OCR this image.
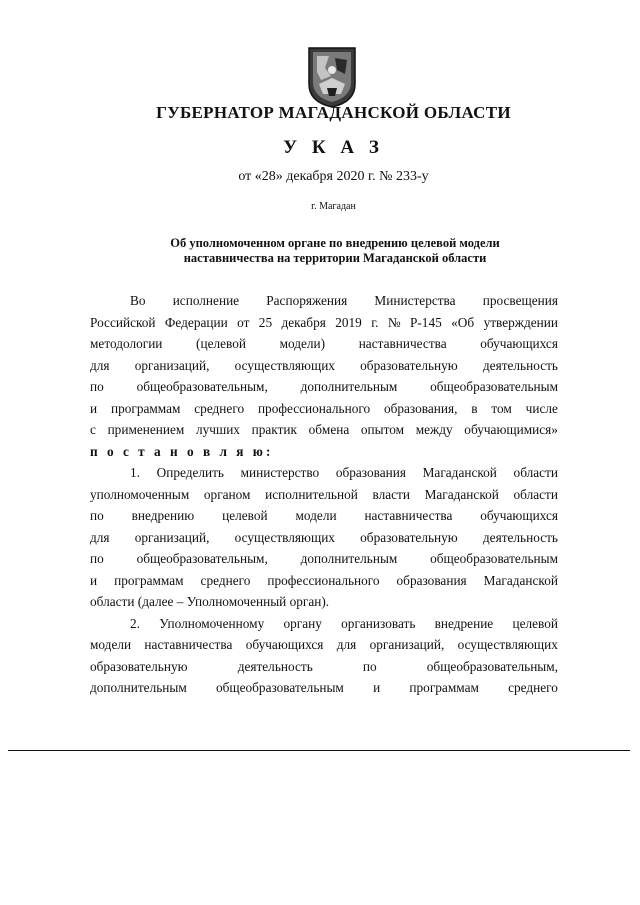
ГУБЕРНАТОР МАГАДАНСКОЙ ОБЛАСТИ
У К А З
от «28» декабря 2020 г. № 233-у
г. Магадан
Об уполномоченном органе по внедрению целевой модели
наставничества на территории Магаданской области
Во исполнение Распоряжения Министерства просвещения
Российской Федерации от 25 декабря 2019 г. № Р-145 «Об утверждении
методологии	(целевой	модели)	наставничества	обучающихся
для организаций, осуществляющих образовательную деятельность
по общеобразовательным, дополнительным общеобразовательным
и программам среднего профессионального образования, в том числе
с применением лучших практик обмена опытом между обучающимися»
п о с т а н о в л я ю:
1. Определить министерство образования Магаданской области
уполномоченным органом исполнительной власти Магаданской области
по внедрению целевой модели наставничества обучающихся
для организаций, осуществляющих образовательную деятельность
по общеобразовательным, дополнительным общеобразовательным
и программам среднего профессионального образования Магаданской
области (далее – Уполномоченный орган).
2. Уполномоченному органу организовать внедрение целевой
модели наставничества обучающихся для организаций, осуществляющих
образовательную	деятельность	по	общеобразовательным,
дополнительным общеобразовательным и программам среднего
